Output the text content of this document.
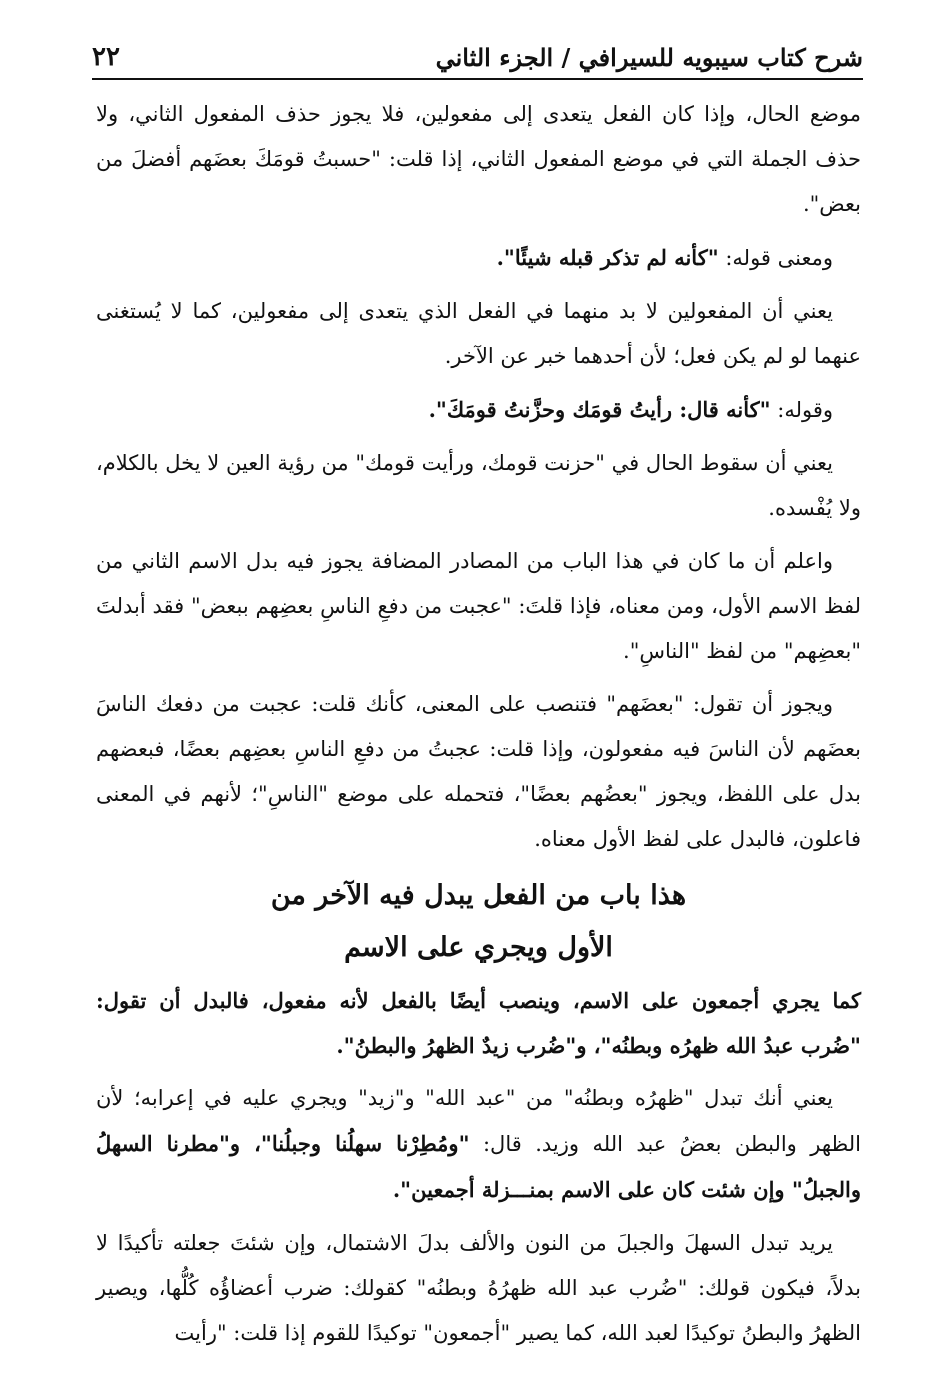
٢٢	شرح كتاب سيبويه للسيرافي / الجزء الثاني

موضع الحال، وإذا كان الفعل يتعدى إلى مفعولين، فلا يجوز حذف المفعول الثاني، ولا حذف الجملة التي في موضع المفعول الثاني، إذا قلت: "حسبتُ قومَكَ بعضَهم أفضلَ من بعض".

ومعنى قوله: "كأنه لم تذكر قبله شيئًا".

يعني أن المفعولين لا بد منهما في الفعل الذي يتعدى إلى مفعولين، كما لا يُستغنى عنهما لو لم يكن فعل؛ لأن أحدهما خبر عن الآخر.

وقوله: "كأنه قال: رأيتُ قومَك وحزَّنتُ قومَكَ".

يعني أن سقوط الحال في "حزنت قومك، ورأيت قومك" من رؤية العين لا يخل بالكلام، ولا يُفْسده.

واعلم أن ما كان في هذا الباب من المصادر المضافة يجوز فيه بدل الاسم الثاني من لفظ الاسم الأول، ومن معناه، فإذا قلتَ: "عجبت من دفعِ الناسِ بعضِهم ببعض" فقد أبدلتَ "بعضِهم" من لفظ "الناسِ".

ويجوز أن تقول: "بعضَهم" فتنصب على المعنى، كأنك قلت: عجبت من دفعك الناسَ بعضَهم لأن الناسَ فيه مفعولون، وإذا قلت: عجبتُ من دفعِ الناسِ بعضِهم بعضًا، فبعضهم بدل على اللفظ، ويجوز "بعضُهم بعضًا"، فتحمله على موضع "الناسِ"؛ لأنهم في المعنى فاعلون، فالبدل على لفظ الأول معناه.

هذا باب من الفعل يبدل فيه الآخر من
الأول ويجري على الاسم

كما يجري أجمعون على الاسم، وينصب أيضًا بالفعل لأنه مفعول، فالبدل أن تقول: "ضُرب عبدُ الله ظهرُه وبطنُه"، و"ضُرب زيدٌ الظهرُ والبطنُ".

يعني أنك تبدل "ظهرُه وبطنُه" من "عبد الله" و"زيد" ويجري عليه في إعرابه؛ لأن الظهر والبطن بعضُ عبد الله وزيد. قال: "ومُطِرْنا سهلُنا وجبلُنا"، و"مطرنا السهلُ والجبلُ" وإن شئت كان على الاسم بمنـــزلة أجمعين".

يريد تبدل السهلَ والجبلَ من النون والألف بدلَ الاشتمال، وإن شئتَ جعلته تأكيدًا لا بدلاً، فيكون قولك: "ضُرب عبد الله ظهرُهُ وبطنُه" كقولك: ضرب أعضاؤُه كُلُّها، ويصير الظهرُ والبطنُ توكيدًا لعبد الله، كما يصير "أجمعون" توكيدًا للقوم إذا قلت: "رأيت
